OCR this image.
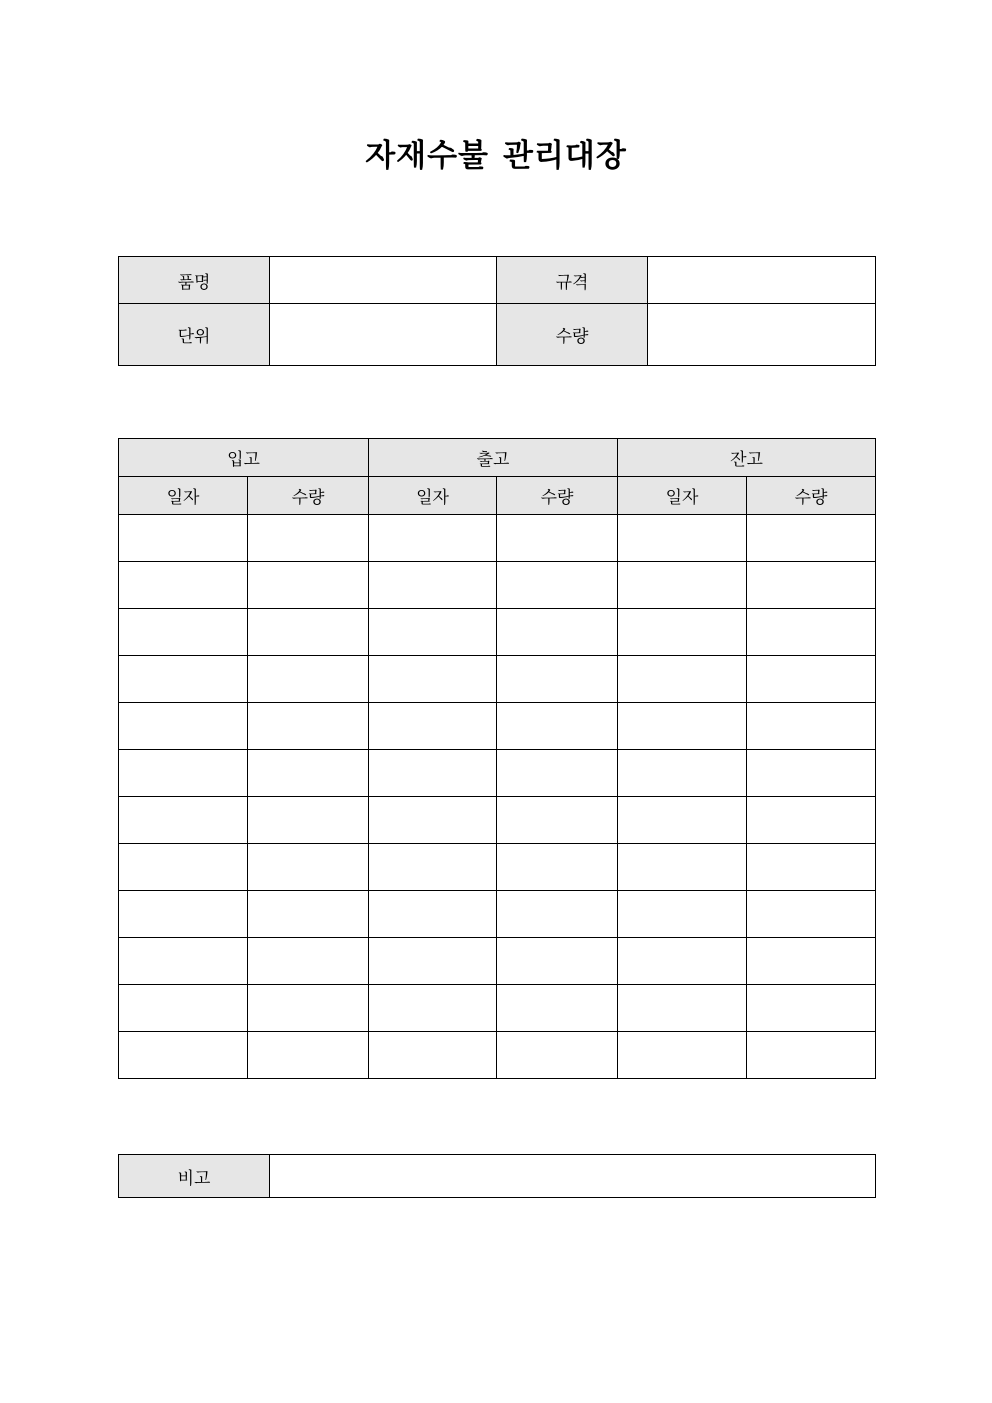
자재수불 관리대장
품명		규격	
단위		수량	
입고		출고		잔고	
일자	수량	일자	수량	일자	수량

비고	
